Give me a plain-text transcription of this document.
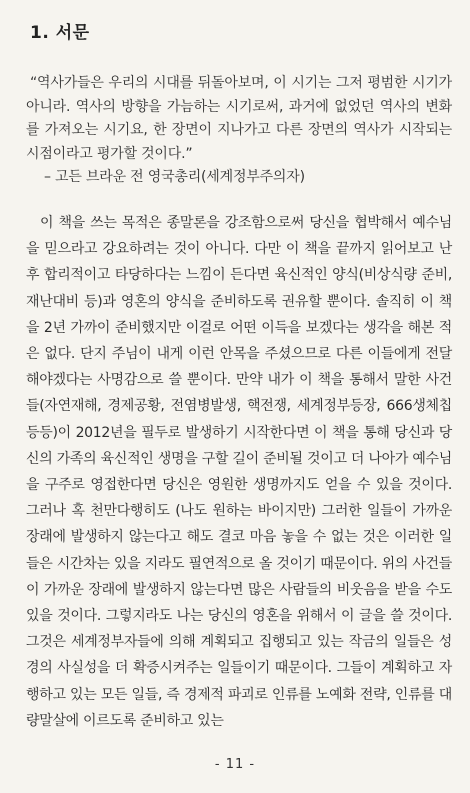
1. 서문

“역사가들은 우리의 시대를 뒤돌아보며, 이 시기는 그저 평범한 시기가 아니라. 역사의 방향을 가늠하는 시기로써, 과거에 없었던 역사의 변화를 가져오는 시기요, 한 장면이 지나가고 다른 장면의 역사가 시작되는 시점이라고 평가할 것이다.”

– 고든 브라운 전 영국총리(세계정부주의자)

이 책을 쓰는 목적은 종말론을 강조함으로써 당신을 협박해서 예수님을 믿으라고 강요하려는 것이 아니다. 다만 이 책을 끝까지 읽어보고 난 후 합리적이고 타당하다는 느낌이 든다면 육신적인 양식(비상식량 준비, 재난대비 등)과 영혼의 양식을 준비하도록 권유할 뿐이다. 솔직히 이 책을 2년 가까이 준비했지만 이걸로 어떤 이득을 보겠다는 생각을 해본 적은 없다. 단지 주님이 내게 이런 안목을 주셨으므로 다른 이들에게 전달해야겠다는 사명감으로 쓸 뿐이다. 만약 내가 이 책을 통해서 말한 사건들(자연재해, 경제공황, 전염병발생, 핵전쟁, 세계정부등장, 666생체칩 등등)이 2012년을 필두로 발생하기 시작한다면 이 책을 통해 당신과 당신의 가족의 육신적인 생명을 구할 길이 준비될 것이고 더 나아가 예수님을 구주로 영접한다면 당신은 영원한 생명까지도 얻을 수 있을 것이다. 그러나 혹 천만다행히도 (나도 원하는 바이지만) 그러한 일들이 가까운 장래에 발생하지 않는다고 해도 결코 마음 놓을 수 없는 것은 이러한 일들은 시간차는 있을 지라도 필연적으로 올 것이기 때문이다. 위의 사건들이 가까운 장래에 발생하지 않는다면 많은 사람들의 비웃음을 받을 수도 있을 것이다. 그렇지라도 나는 당신의 영혼을 위해서 이 글을 쓸 것이다. 그것은 세계정부자들에 의해 계획되고 집행되고 있는 작금의 일들은 성경의 사실성을 더 확증시켜주는 일들이기 때문이다. 그들이 계획하고 자행하고 있는 모든 일들, 즉 경제적 파괴로 인류를 노예화 전략, 인류를 대량말살에 이르도록 준비하고 있는

- 11 -
